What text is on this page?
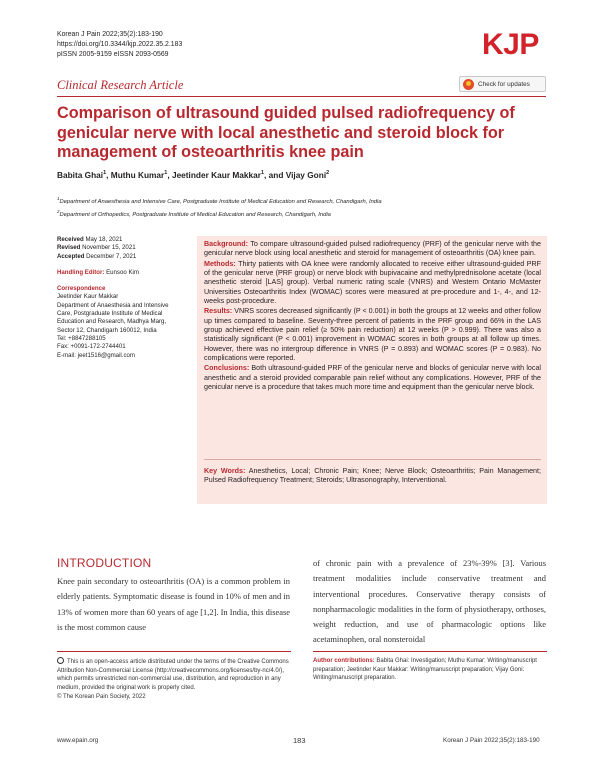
Korean J Pain 2022;35(2):183-190
https://doi.org/10.3344/kjp.2022.35.2.183
pISSN 2005-9159 eISSN 2093-0569	KJP
Clinical Research Article	Check for updates
Comparison of ultrasound guided pulsed radiofrequency of genicular nerve with local anesthetic and steroid block for management of osteoarthritis knee pain
Babita Ghai$^1$, Muthu Kumar$^1$, Jeetinder Kaur Makkar$^1$, and Vijay Goni$^2$
$^1$Department of Anaesthesia and Intensive Care, Postgraduate Institute of Medical Education and Research, Chandigarh, India
$^2$Department of Orthopedics, Postgraduate Institute of Medical Education and Research, Chandigarh, India
Received May 18, 2021
Revised November 15, 2021
Accepted December 7, 2021
Handling Editor: Eunsoo Kim
Correspondence
Jeetinder Kaur Makkar
Department of Anaesthesia and Intensive
Care, Postgraduate Institute of Medical
Education and Research, Madhya Marg,
Sector 12, Chandigarh 160012, India
Tel: +8847288105
Fax: +0091-172-2744401
E-mail: jeet1516@gmail.com

Background: To compare ultrasound-guided pulsed radiofrequency (PRF) of the genicular nerve with the genicular nerve block using local anesthetic and steroid for management of osteoarthritis (OA) knee pain.

Methods: Thirty patients with OA knee were randomly allocated to receive either ultrasound-guided PRF of the genicular nerve (PRF group) or nerve block with bupivacaine and methylprednisolone acetate (local anesthetic steroid [LAS] group). Verbal numeric rating scale (VNRS) and Western Ontario McMaster Universities Osteoarthritis Index (WOMAC) scores were measured at pre-procedure and 1-, 4-, and 12-weeks post-procedure.

Results: VNRS scores decreased significantly (P < 0.001) in both the groups at 12 weeks and other follow up times compared to baseline. Seventy-three percent of patients in the PRF group and 66% in the LAS group achieved effective pain relief (≥ 50% pain reduction) at 12 weeks (P > 0.999). There was also a statistically significant (P < 0.001) improvement in WOMAC scores in both groups at all follow up times. However, there was no intergroup difference in VNRS (P = 0.893) and WOMAC scores (P = 0.983). No complications were reported.

Conclusions: Both ultrasound-guided PRF of the genicular nerve and blocks of genicular nerve with local anesthetic and a steroid provided comparable pain relief without any complications. However, PRF of the genicular nerve is a procedure that takes much more time and equipment than the genicular nerve block.

Key Words: Anesthetics, Local; Chronic Pain; Knee; Nerve Block; Osteoarthritis; Pain Management; Pulsed Radiofrequency Treatment; Steroids; Ultrasonography, Interventional.
INTRODUCTION
Knee pain secondary to osteoarthritis (OA) is a common problem in elderly patients. Symptomatic disease is found in 10% of men and in 13% of women more than 60 years of age [1,2]. In India, this disease is the most common cause
of chronic pain with a prevalence of 23%-39% [3]. Various treatment modalities include conservative treatment and interventional procedures. Conservative therapy consists of nonpharmacologic modalities in the form of physiotherapy, orthoses, weight reduction, and use of pharmacologic options like acetaminophen, oral nonsteroidal
This is an open-access article distributed under the terms of the Creative Commons Attribution Non-Commercial License (http://creativecommons.org/licenses/by-nc/4.0/), which permits unrestricted non-commercial use, distribution, and reproduction in any medium, provided the original work is properly cited.
© The Korean Pain Society, 2022
Author contributions: Babita Ghai: Investigation; Muthu Kumar: Writing/manuscript preparation; Jeetinder Kaur Makkar: Writing/manuscript preparation; Vijay Goni: Writing/manuscript preparation.
www.epain.org	183	Korean J Pain 2022;35(2):183-190
